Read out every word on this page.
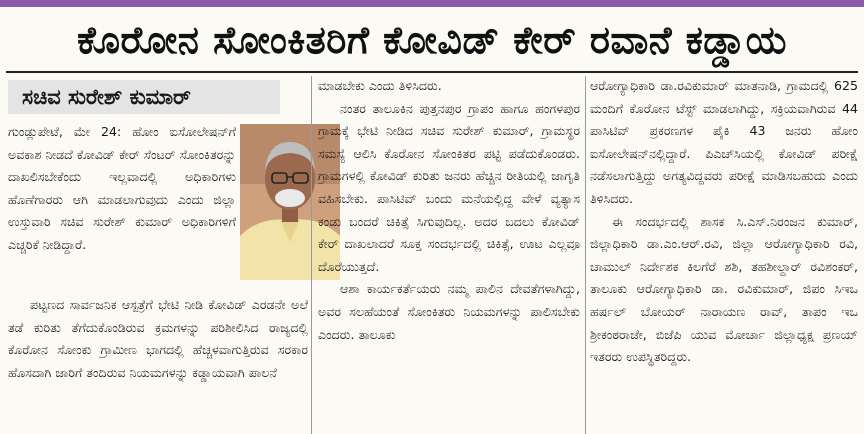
ಕೊರೋನ ಸೋಂಕಿತರಿಗೆ ಕೋವಿಡ್ ಕೇರ್ ರವಾನೆ ಕಡ್ಡಾಯ
ಸಚಿವ ಸುರೇಶ್ ಕುಮಾರ್

ಗುಂಡ್ಲುಪೇಟೆ, ಮೇ 24: ಹೋಂ ಐಸೋಲೇಷನ್‌ಗೆ ಅವಕಾಶ ನೀಡದೆ ಕೋವಿಡ್ ಕೇರ್ ಸೆಂಟರ್ ಸೋಂಕಿತರನ್ನು ದಾಖಲಿಸಬೇಕೆಂದು ಇಲ್ಲವಾದಲ್ಲಿ ಅಧಿಕಾರಿಗಳು ಹೊಣೆಗಾರರು ಆಗಿ ಮಾಡಲಾಗುವುದು ಎಂದು ಜಿಲ್ಲಾ ಉಸ್ತುವಾರಿ ಸಚಿವ ಸುರೇಶ್ ಕುಮಾರ್ ಅಧಿಕಾರಿಗಳಿಗೆ ಎಚ್ಚರಿಕೆ ನೀಡಿದ್ದಾರೆ.

ಪಟ್ಟಣದ ಸಾರ್ವಜನಿಕ ಆಸ್ಪತ್ರೆಗೆ ಭೇಟಿ ನೀಡಿ ಕೋವಿಡ್ ಎರಡನೇ ಅಲೆ ತಡೆ ಕುರಿತು ತೆಗೆದುಕೊಂಡಿರುವ ಕ್ರಮಗಳನ್ನು ಪರಿಶೀಲಿಸಿದ ರಾಜ್ಯದಲ್ಲಿ ಕೊರೋನ ಸೋಂಕು ಗ್ರಾಮೀಣ ಭಾಗದಲ್ಲಿ ಹೆಚ್ಚಳವಾಗುತ್ತಿರುವ ಸರಕಾರ ಹೊಸದಾಗಿ ಜಾರಿಗೆ ತಂದಿರುವ ನಿಯಮಗಳನ್ನು ಕಡ್ಡಾಯವಾಗಿ ಪಾಲನೆ

ಮಾಡಬೇಕು ಎಂದು ತಿಳಿಸಿದರು.

ನಂತರ ತಾಲೂಕಿನ ಪುತ್ತನಪುರ ಗ್ರಾಪಂ ಹಾಗೂ ಹಂಗಳಪುರ ಗ್ರಾಮಕ್ಕೆ ಭೇಟಿ ನೀಡಿದ ಸಚಿವ ಸುರೇಶ್ ಕುಮಾರ್, ಗ್ರಾಮಸ್ಥರ ಸಮಸ್ಯೆ ಆಲಿಸಿ ಕೊರೋನ ಸೋಂಕಿತರ ಪಟ್ಟಿ ಪಡೆದುಕೊಂಡರು. ಗ್ರಾಮಗಳಲ್ಲಿ ಕೋವಿಡ್ ಕುರಿತು ಜನರು ಹೆಚ್ಚಿನ ರೀತಿಯಲ್ಲಿ ಜಾಗೃತಿ ವಹಿಸಬೇಕು. ಪಾಸಿಟಿವ್ ಬಂದು ಮನೆಯಲ್ಲಿದ್ದ ವೇಳೆ ವ್ಯತ್ಯಾಸ ಕಂಡು ಬಂದರೆ ಚಿಕಿತ್ಸೆ ಸಿಗುವುದಿಲ್ಲ. ಅದರ ಬದಲು ಕೋವಿಡ್ ಕೇರ್ ದಾಖಲಾದರೆ ಸೂಕ್ತ ಸಂದರ್ಭದಲ್ಲಿ ಚಿಕಿತ್ಸೆ, ಊಟ ಎಲ್ಲವೂ ದೊರೆಯುತ್ತದೆ.

ಆಶಾ ಕಾರ್ಯಕರ್ತೆಯರು ನಮ್ಮ ಪಾಲಿನ ದೇವತೆಗಳಾಗಿದ್ದು, ಅವರ ಸಲಹೆಯಂತೆ ಸೋಂಕಿತರು ನಿಯಮಗಳನ್ನು ಪಾಲಿಸಬೇಕು ಎಂದರು. ತಾಲೂಕು

ಆರೋಗ್ಯಾಧಿಕಾರಿ ಡಾ.ರವಿಕುಮಾರ್ ಮಾತನಾಡಿ, ಗ್ರಾಮದಲ್ಲಿ 625 ಮಂದಿಗೆ ಕೊರೋನ ಟೆಸ್ಟ್ ಮಾಡಲಾಗಿದ್ದು, ಸಕ್ರಿಯವಾಗಿರುವ 44 ಪಾಸಿಟಿವ್ ಪ್ರಕರಣಗಳ ಪೈಕಿ 43 ಜನರು ಹೋಂ ಐಸೋಲೇಷನ್‌ನಲ್ಲಿದ್ದಾರೆ. ಪಿಎಚ್‌ಸಿಯಲ್ಲಿ ಕೋವಿಡ್ ಪರೀಕ್ಷೆ ನಡೆಸಲಾಗುತ್ತಿದ್ದು ಅಗತ್ಯವಿದ್ದವರು ಪರೀಕ್ಷೆ ಮಾಡಿಸಬಹುದು ಎಂದು ತಿಳಿಸಿದರು.

ಈ ಸಂದರ್ಭದಲ್ಲಿ ಶಾಸಕ ಸಿ.ಎಸ್.ನಿರಂಜನ ಕುಮಾರ್, ಜಿಲ್ಲಾಧಿಕಾರಿ ಡಾ.ಎಂ.ಆರ್.ರವಿ, ಜಿಲ್ಲಾ ಆರೋಗ್ಯಾಧಿಕಾರಿ ರವಿ, ಚಾಮುಲ್ ನಿರ್ದೇಶಕ ಕಿಲಗೆರೆ ಶಶಿ, ತಹಶೀಲ್ದಾರ್ ರವಿಶಂಕರ್, ತಾಲೂಕು ಆರೋಗ್ಯಾಧಿಕಾರಿ ಡಾ. ರವಿಕುಮಾರ್, ಜಿಪಂ ಸಿಇಒ ಹರ್ಷಲ್ ಬೋಯರ್ ನಾರಾಯಣ ರಾವ್, ತಾಪಂ ಇಒ ಶ್ರೀಕಂಠರಾಜೇ, ಬಿಜೆಪಿ ಯುವ ಮೋರ್ಚಾ ಜಿಲ್ಲಾಧ್ಯಕ್ಷ ಪ್ರಣಯ್ ಇತರರು ಉಪಸ್ಥಿತರಿದ್ದರು.
